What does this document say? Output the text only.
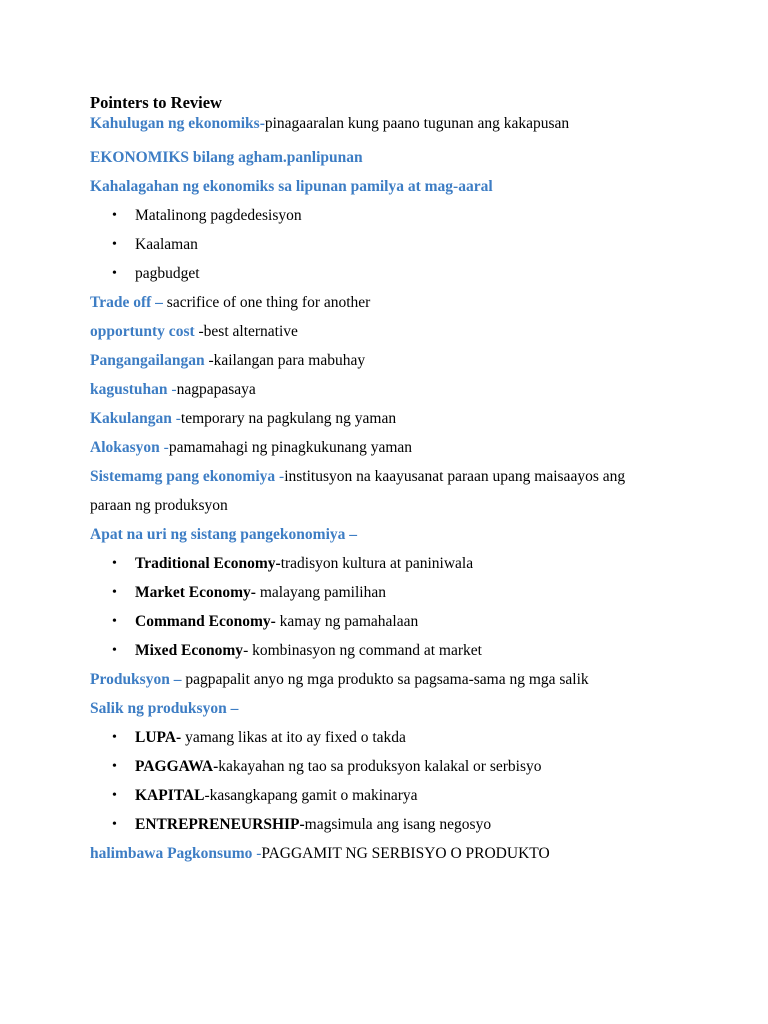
Pointers to Review
Kahulugan ng ekonomiks-pinagaaralan kung paano tugunan ang kakapusan
EKONOMIKS bilang agham.panlipunan
Kahalagahan ng ekonomiks sa lipunan pamilya at mag-aaral
• Matalinong pagdedesisyon
• Kaalaman
• pagbudget
Trade off – sacrifice of one thing for another
opportunty cost -best alternative
Pangangailangan -kailangan para mabuhay
kagustuhan -nagpapasaya
Kakulangan -temporary na pagkulang ng yaman
Alokasyon -pamamahagi ng pinagkukunang yaman
Sistemamg pang ekonomiya -institusyon na kaayusanat paraan upang maisaayos ang
paraan ng produksyon
Apat na uri ng sistang pangekonomiya –
• Traditional Economy-tradisyon kultura at paniniwala
• Market Economy- malayang pamilihan
• Command Economy- kamay ng pamahalaan
• Mixed Economy- kombinasyon ng command at market
Produksyon – pagpapalit anyo ng mga produkto sa pagsama-sama ng mga salik
Salik ng produksyon –
• LUPA- yamang likas at ito ay fixed o takda
• PAGGAWA-kakayahan ng tao sa produksyon kalakal or serbisyo
• KAPITAL-kasangkapang gamit o makinarya
• ENTREPRENEURSHIP-magsimula ang isang negosyo
halimbawa Pagkonsumo -PAGGAMIT NG SERBISYO O PRODUKTO
